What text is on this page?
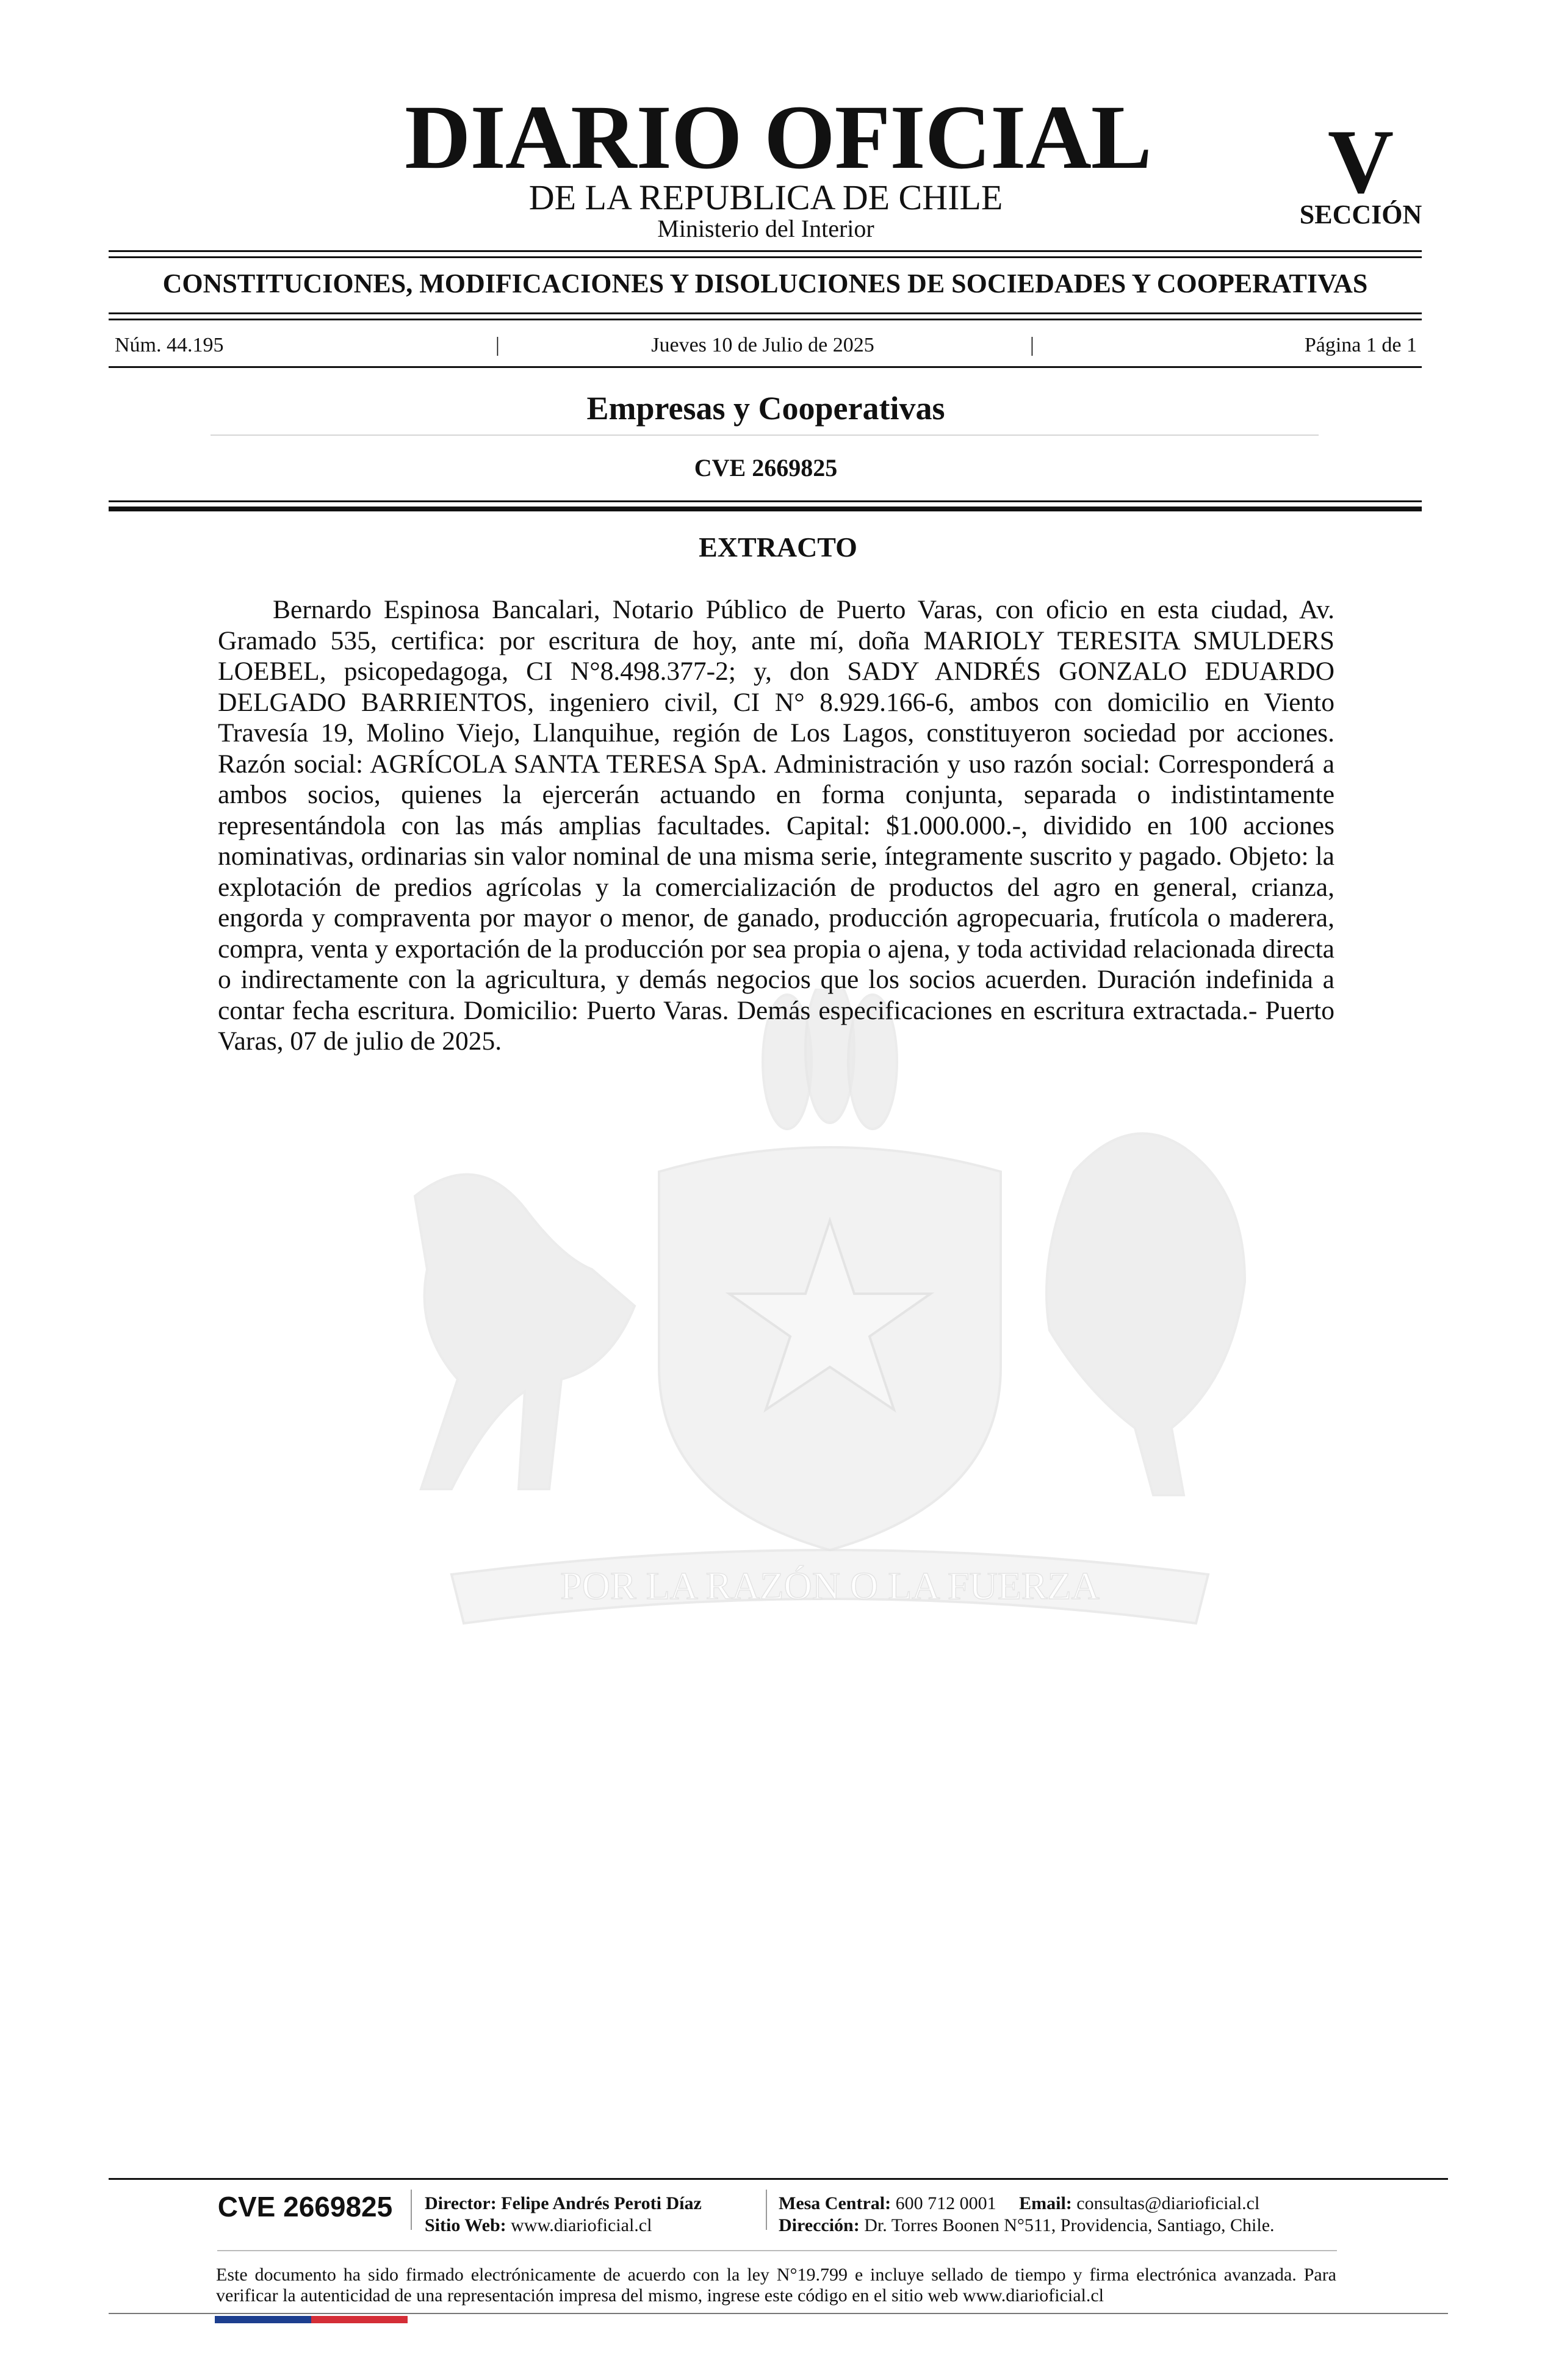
POR LA RAZÓN O LA FUERZA
DIARIO OFICIAL
DE LA REPUBLICA DE CHILE
Ministerio del Interior
V
SECCIÓN
CONSTITUCIONES, MODIFICACIONES Y DISOLUCIONES DE SOCIEDADES Y COOPERATIVAS
Núm. 44.195	|	Jueves 10 de Julio de 2025	|	Página 1 de 1
Empresas y Cooperativas
CVE 2669825
EXTRACTO

Bernardo Espinosa Bancalari, Notario Público de Puerto Varas, con oficio en esta ciudad, Av. Gramado 535, certifica: por escritura de hoy, ante mí, doña MARIOLY TERESITA SMULDERS LOEBEL, psicopedagoga, CI N°8.498.377-2; y, don SADY ANDRÉS GONZALO EDUARDO DELGADO BARRIENTOS, ingeniero civil, CI N° 8.929.166-6, ambos con domicilio en Viento Travesía 19, Molino Viejo, Llanquihue, región de Los Lagos, constituyeron sociedad por acciones. Razón social: AGRÍCOLA SANTA TERESA SpA. Administración y uso razón social: Corresponderá a ambos socios, quienes la ejercerán actuando en forma conjunta, separada o indistintamente representándola con las más amplias facultades. Capital: $1.000.000.-, dividido en 100 acciones nominativas, ordinarias sin valor nominal de una misma serie, íntegramente suscrito y pagado. Objeto: la explotación de predios agrícolas y la comercialización de productos del agro en general, crianza, engorda y compraventa por mayor o menor, de ganado, producción agropecuaria, frutícola o maderera, compra, venta y exportación de la producción por sea propia o ajena, y toda actividad relacionada directa o indirectamente con la agricultura, y demás negocios que los socios acuerden. Duración indefinida a contar fecha escritura. Domicilio: Puerto Varas. Demás especificaciones en escritura extractada.- Puerto Varas, 07 de julio de 2025.

CVE 2669825	Director: Felipe Andrés Peroti Díaz
Sitio Web: www.diarioficial.cl
Mesa Central: 600 712 0001 Email: consultas@diarioficial.cl
Dirección: Dr. Torres Boonen N°511, Providencia, Santiago, Chile.

Este documento ha sido firmado electrónicamente de acuerdo con la ley N°19.799 e incluye sellado de tiempo y firma electrónica avanzada. Para verificar la autenticidad de una representación impresa del mismo, ingrese este código en el sitio web www.diarioficial.cl
